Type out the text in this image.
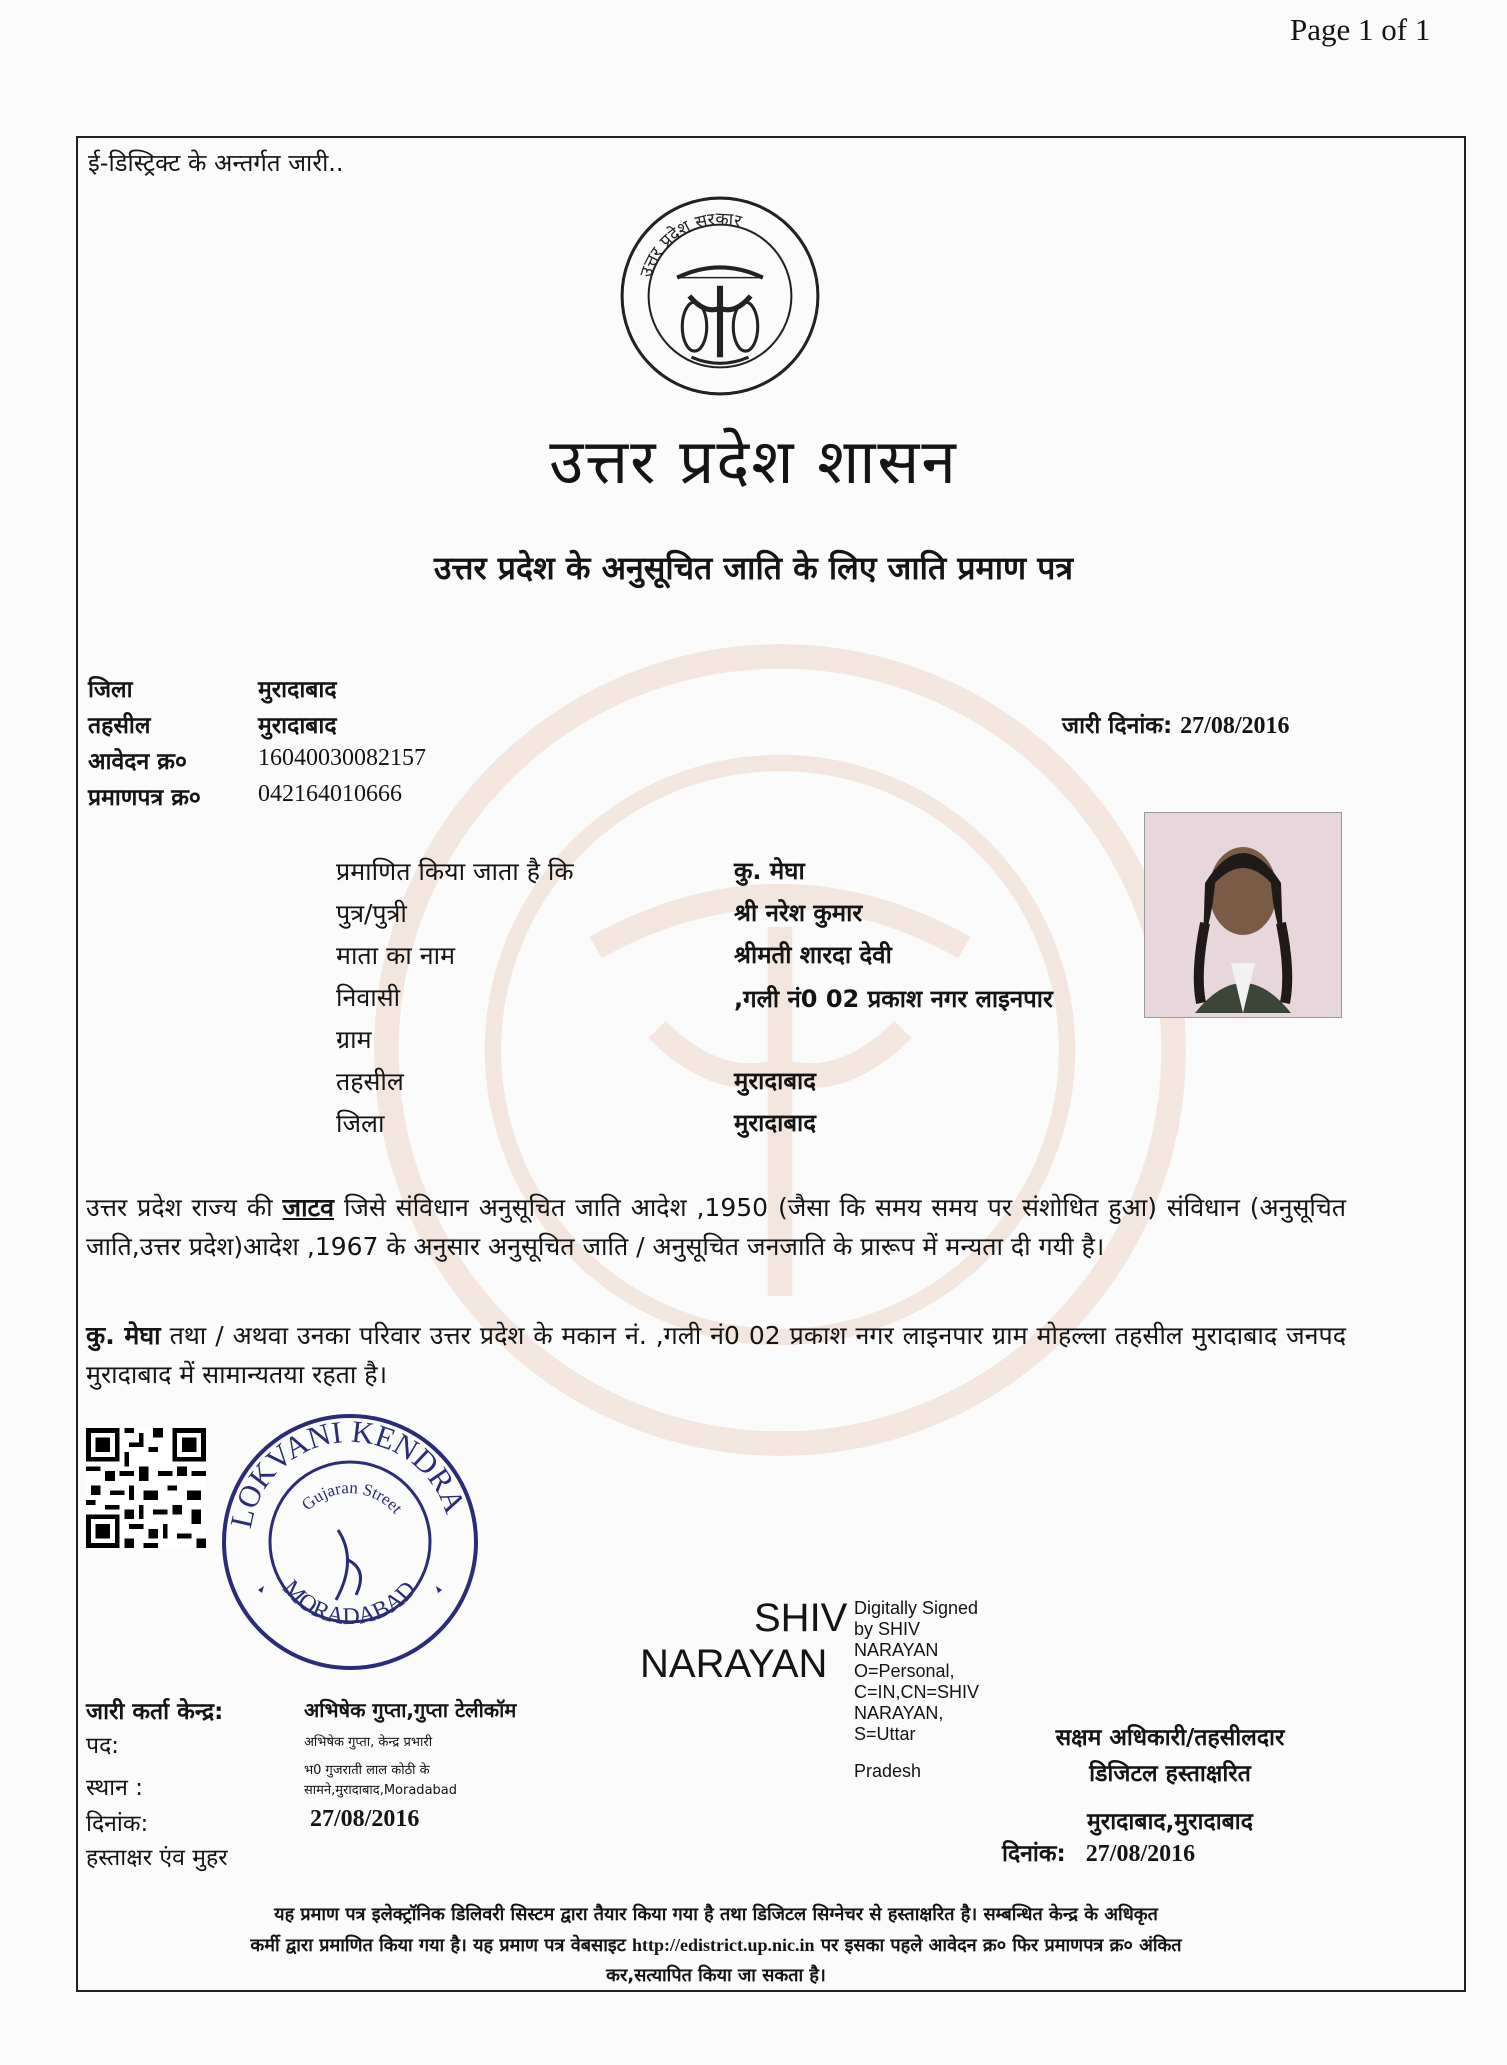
Page 1 of 1
ई-डिस्ट्रिक्ट के अन्तर्गत जारी..
उत्तर प्रदेश सरकार
उत्तर प्रदेश शासन
उत्तर प्रदेश के अनुसूचित जाति के लिए जाति प्रमाण पत्र
जिला	मुरादाबाद
तहसील	मुरादाबाद
आवेदन क्र०	16040030082157
प्रमाणपत्र क्र० 042164010666
जारी दिनांक: 27/08/2016
प्रमाणित किया जाता है कि	कु. मेघा
पुत्र/पुत्री	श्री नरेश कुमार
माता का नाम	श्रीमती शारदा देवी
निवासी	,गली नं0 02 प्रकाश नगर लाइनपार
ग्राम
तहसील	मुरादाबाद
जिला	मुरादाबाद
उत्तर प्रदेश राज्य की जाटव जिसे संविधान अनुसूचित जाति आदेश ,1950 (जैसा कि समय समय पर संशोधित हुआ) संविधान (अनुसूचित जाति,उत्तर प्रदेश)आदेश ,1967 के अनुसार अनुसूचित जाति / अनुसूचित जनजाति के प्रारूप में मन्यता दी गयी है।
कु. मेघा तथा / अथवा उनका परिवार उत्तर प्रदेश के मकान नं. ,गली नं0 02 प्रकाश नगर लाइनपार ग्राम मोहल्ला तहसील मुरादाबाद जनपद मुरादाबाद में सामान्यतया रहता है।
LOKVANI KENDRA
MORADABAD
Gujaran Street
SHIV
NARAYAN
Digitally Signed
by SHIV
NARAYAN
O=Personal,
C=IN,CN=SHIV
NARAYAN,
S=Uttar
Pradesh
जारी कर्ता केन्द्र:	अभिषेक गुप्ता,गुप्ता टेलीकॉम
पद:	अभिषेक गुप्ता, केन्द्र प्रभारी
स्थान :
भ0 गुजराती लाल कोठी के
सामने,मुरादाबाद,Moradabad
दिनांक:	27/08/2016
हस्ताक्षर एंव मुहर
सक्षम अधिकारी/तहसीलदार
डिजिटल हस्ताक्षरित
मुरादाबाद,मुरादाबाद
दिनांक: 27/08/2016
यह प्रमाण पत्र इलेक्ट्रॉनिक डिलिवरी सिस्टम द्वारा तैयार किया गया है तथा डिजिटल सिग्नेचर से हस्ताक्षरित है। सम्बन्धित केन्द्र के अधिकृत
कर्मी द्वारा प्रमाणित किया गया है। यह प्रमाण पत्र वेबसाइट http://edistrict.up.nic.in पर इसका पहले आवेदन क्र० फिर प्रमाणपत्र क्र० अंकित
कर,सत्यापित किया जा सकता है।
